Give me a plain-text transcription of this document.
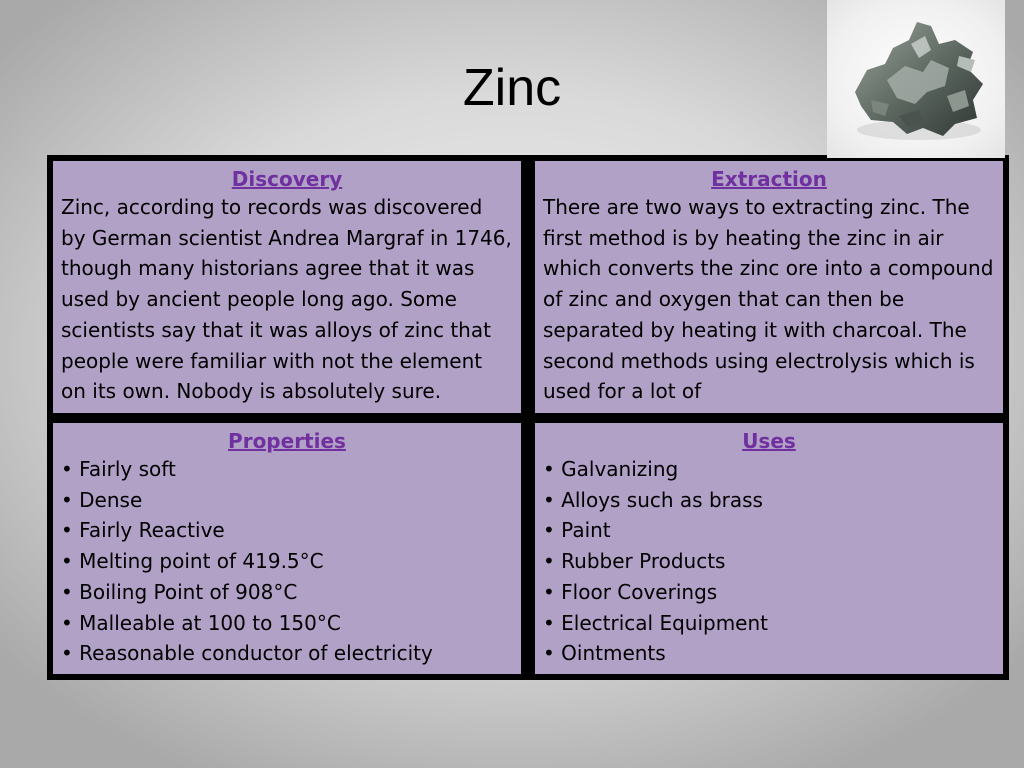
Zinc
Discovery

Zinc, according to records was discovered by German scientist Andrea Margraf in 1746, though many historians agree that it was used by ancient people long ago. Some scientists say that it was alloys of zinc that people were familiar with not the element on its own. Nobody is absolutely sure.

Extraction

There are two ways to extracting zinc. The first method is by heating the zinc in air which converts the zinc ore into a compound of zinc and oxygen that can then be separated by heating it with charcoal. The second methods using electrolysis which is used for a lot of

Properties
• Fairly soft
• Dense
• Fairly Reactive
• Melting point of 419.5°C
• Boiling Point of 908°C
• Malleable at 100 to 150°C
• Reasonable conductor of electricity
Uses
• Galvanizing
• Alloys such as brass
• Paint
• Rubber Products
• Floor Coverings
• Electrical Equipment
• Ointments
